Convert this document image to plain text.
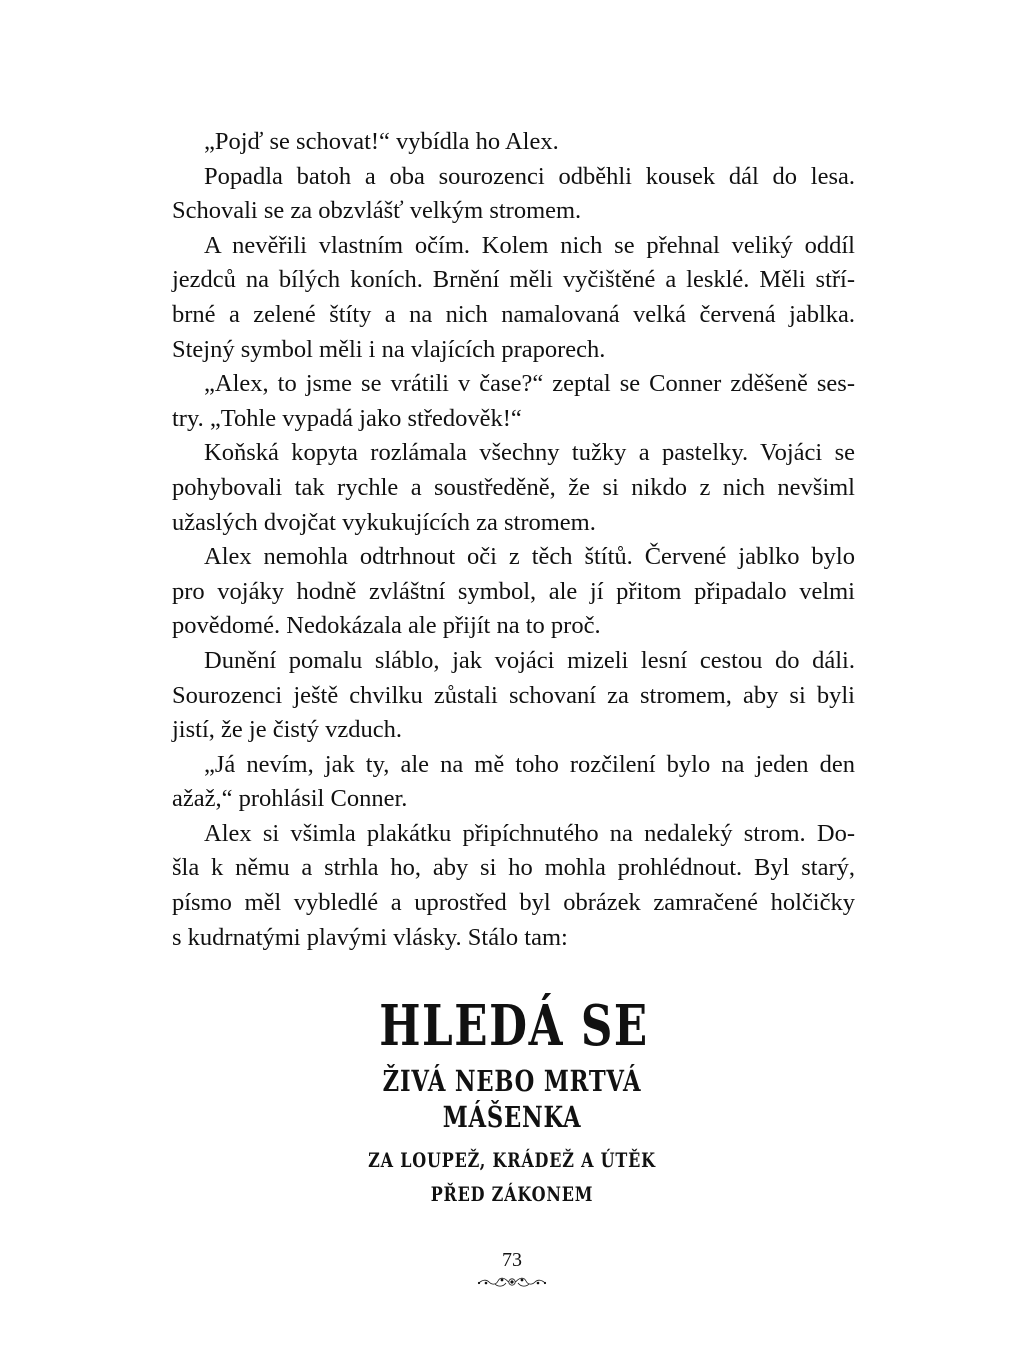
„Pojď se schovat!“ vybídla ho Alex.
Popadla batoh a oba sourozenci odběhli kousek dál do lesa.
Schovali se za obzvlášť velkým stromem.
A nevěřili vlastním očím. Kolem nich se přehnal veliký oddíl
jezdců na bílých koních. Brnění měli vyčištěné a lesklé. Měli stří-
brné a zelené štíty a na nich namalovaná velká červená jablka.
Stejný symbol měli i na vlajících praporech.
„Alex, to jsme se vrátili v čase?“ zeptal se Conner zděšeně ses-
try. „Tohle vypadá jako středověk!“
Koňská kopyta rozlámala všechny tužky a pastelky. Vojáci se
pohybovali tak rychle a soustředěně, že si nikdo z nich nevšiml
užaslých dvojčat vykukujících za stromem.
Alex nemohla odtrhnout oči z těch štítů. Červené jablko bylo
pro vojáky hodně zvláštní symbol, ale jí přitom připadalo velmi
povědomé. Nedokázala ale přijít na to proč.
Dunění pomalu sláblo, jak vojáci mizeli lesní cestou do dáli.
Sourozenci ještě chvilku zůstali schovaní za stromem, aby si byli
jistí, že je čistý vzduch.
„Já nevím, jak ty, ale na mě toho rozčilení bylo na jeden den
ažaž,“ prohlásil Conner.
Alex si všimla plakátku připíchnutého na nedaleký strom. Do-
šla k němu a strhla ho, aby si ho mohla prohlédnout. Byl starý,
písmo měl vybledlé a uprostřed byl obrázek zamračené holčičky
s kudrnatými plavými vlásky. Stálo tam:
HLEDÁ SE
ŽIVÁ NEBO MRTVÁ
MÁŠENKA
ZA LOUPEŽ, KRÁDEŽ A ÚTĚK
PŘED ZÁKONEM
73
